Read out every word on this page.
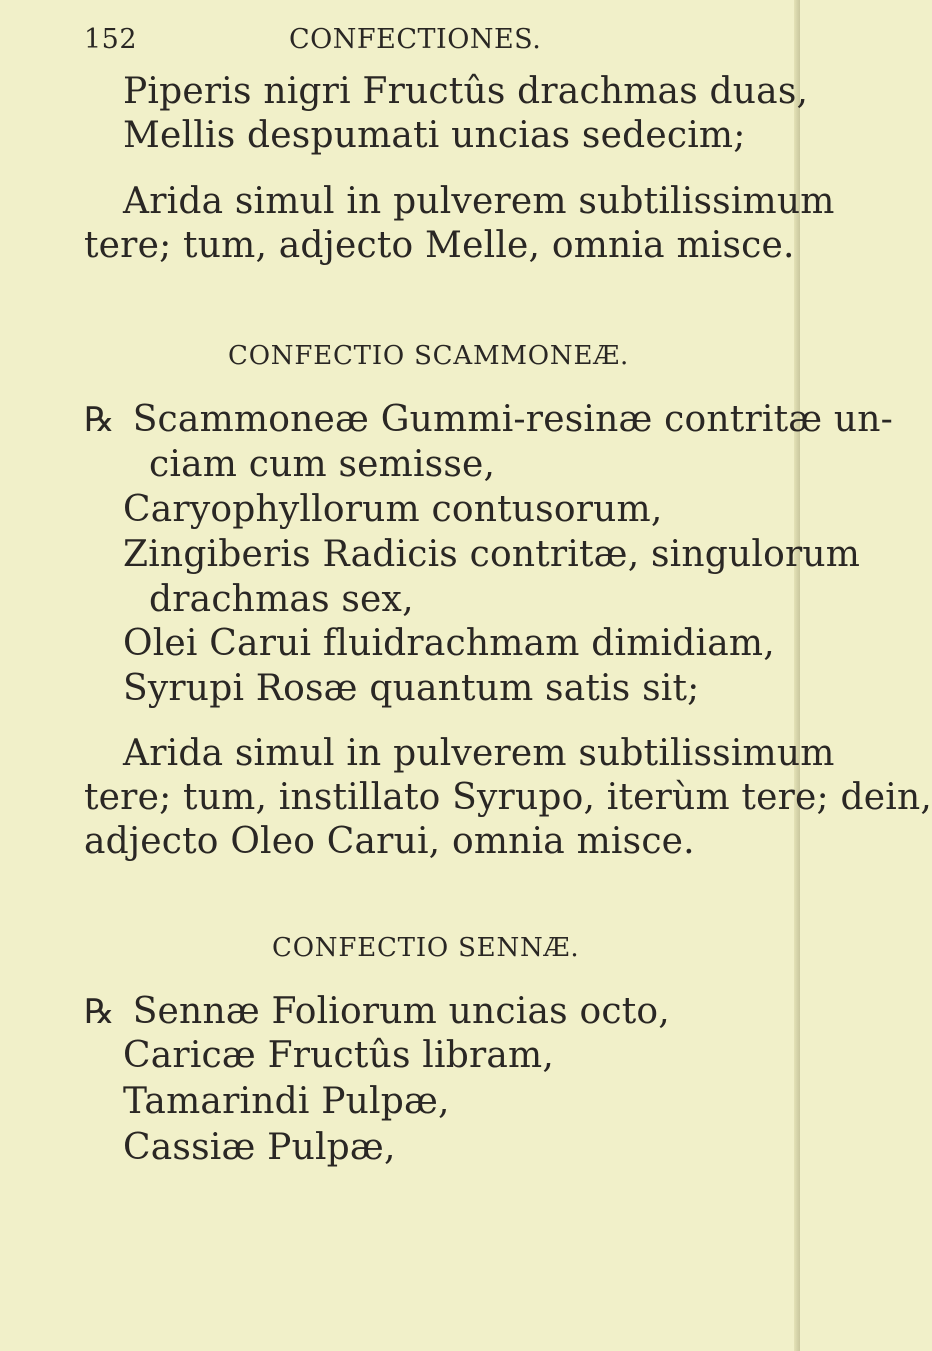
152	CONFECTIONES.
Piperis nigri Fructûs drachmas duas,
Mellis despumati uncias sedecim;
Arida simul in pulverem subtilissimum
tere; tum, adjecto Melle, omnia misce.
CONFECTIO SCAMMONEÆ.
℞ Scammoneæ Gummi-resinæ contritæ un-
ciam cum semisse,
Caryophyllorum contusorum,
Zingiberis Radicis contritæ, singulorum
drachmas sex,
Olei Carui fluidrachmam dimidiam,
Syrupi Rosæ quantum satis sit;
Arida simul in pulverem subtilissimum
tere; tum, instillato Syrupo, iterùm tere; dein,
adjecto Oleo Carui, omnia misce.
CONFECTIO SENNÆ.
℞ Sennæ Foliorum uncias octo,
Caricæ Fructûs libram,
Tamarindi Pulpæ,
Cassiæ Pulpæ,
